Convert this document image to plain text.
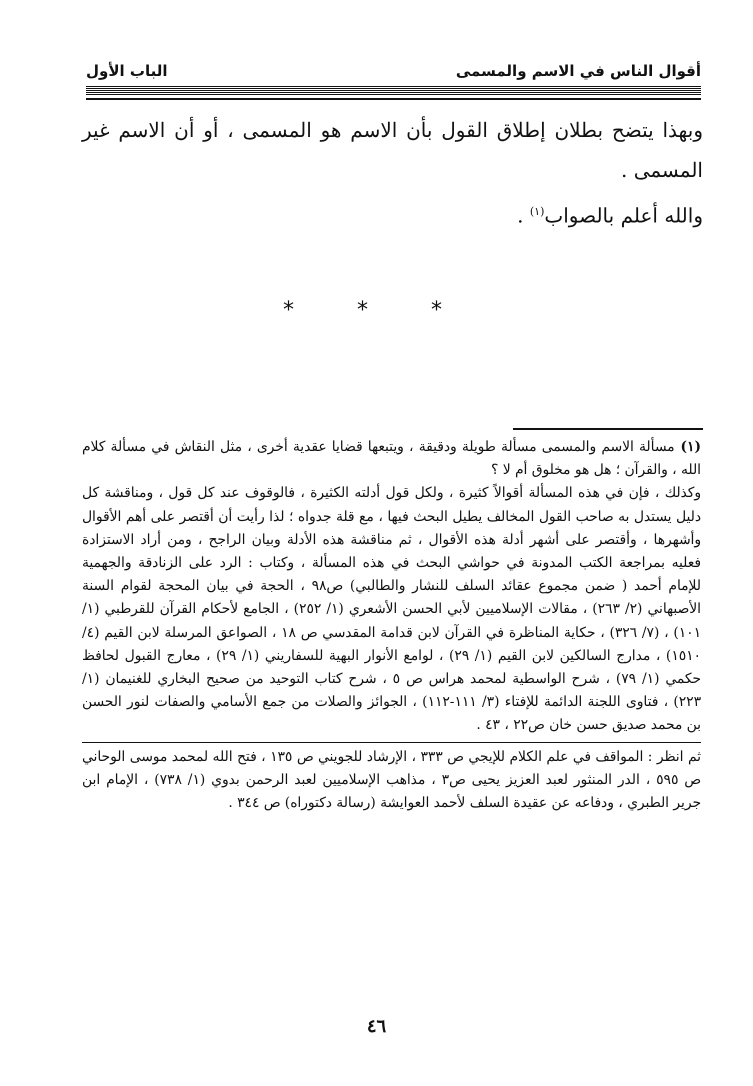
أقوال الناس في الاسم والمسمى
الباب الأول

وبهذا يتضح بطلان إطلاق القول بأن الاسم هو المسمى ، أو أن الاسم غير المسمى .

والله أعلم بالصواب$^{(١)}$ .

* * *

(١)مسألة الاسم والمسمى مسألة طويلة ودقيقة ، ويتبعها قضايا عقدية أخرى ، مثل النقاش في مسألة كلام الله ، والقرآن ؛ هل هو مخلوق أم لا ؟

وكذلك ، فإن في هذه المسألة أقوالاً كثيرة ، ولكل قول أدلته الكثيرة ، فالوقوف عند كل قول ، ومناقشة كل دليل يستدل به صاحب القول المخالف يطيل البحث فيها ، مع قلة جدواه ؛ لذا رأيت أن أقتصر على أهم الأقوال وأشهرها ، وأقتصر على أشهر أدلة هذه الأقوال ، ثم مناقشة هذه الأدلة وبيان الراجح ، ومن أراد الاستزادة فعليه بمراجعة الكتب المدونة في حواشي البحث في هذه المسألة ، وكتاب : الرد على الزنادقة والجهمية للإمام أحمد ( ضمن مجموع عقائد السلف للنشار والطالبي) ص٩٨ ، الحجة في بيان المحجة لقوام السنة الأصبهاني (٢/ ٢٦٣) ، مقالات الإسلاميين لأبي الحسن الأشعري (١/ ٢٥٢) ، الجامع لأحكام القرآن للقرطبي (١/ ١٠١) ، (٧/ ٣٢٦) ، حكاية المناظرة في القرآن لابن قدامة المقدسي ص ١٨ ، الصواعق المرسلة لابن القيم (٤/ ١٥١٠) ، مدارج السالكين لابن القيم (١/ ٢٩) ، لوامع الأنوار البهية للسفاريني (١/ ٢٩) ، معارج القبول لحافظ حكمي (١/ ٧٩) ، شرح الواسطية لمحمد هراس ص ٥ ، شرح كتاب التوحيد من صحيح البخاري للغنيمان (١/ ٢٢٣) ، فتاوى اللجنة الدائمة للإفتاء (٣/ ١١١-١١٢) ، الجوائز والصلات من جمع الأسامي والصفات لنور الحسن بن محمد صديق حسن خان ص٢٢ ، ٤٣ .

ثم انظر : المواقف في علم الكلام للإيجي ص ٣٣٣ ، الإرشاد للجويني ص ١٣٥ ، فتح الله لمحمد موسى الوحاني ص ٥٩٥ ، الدر المنثور لعبد العزيز يحيى ص٣ ، مذاهب الإسلاميين لعبد الرحمن بدوي (١/ ٧٣٨) ، الإمام ابن جرير الطبري ، ودفاعه عن عقيدة السلف لأحمد العوايشة (رسالة دكتوراه) ص ٣٤٤ .

٤٦
